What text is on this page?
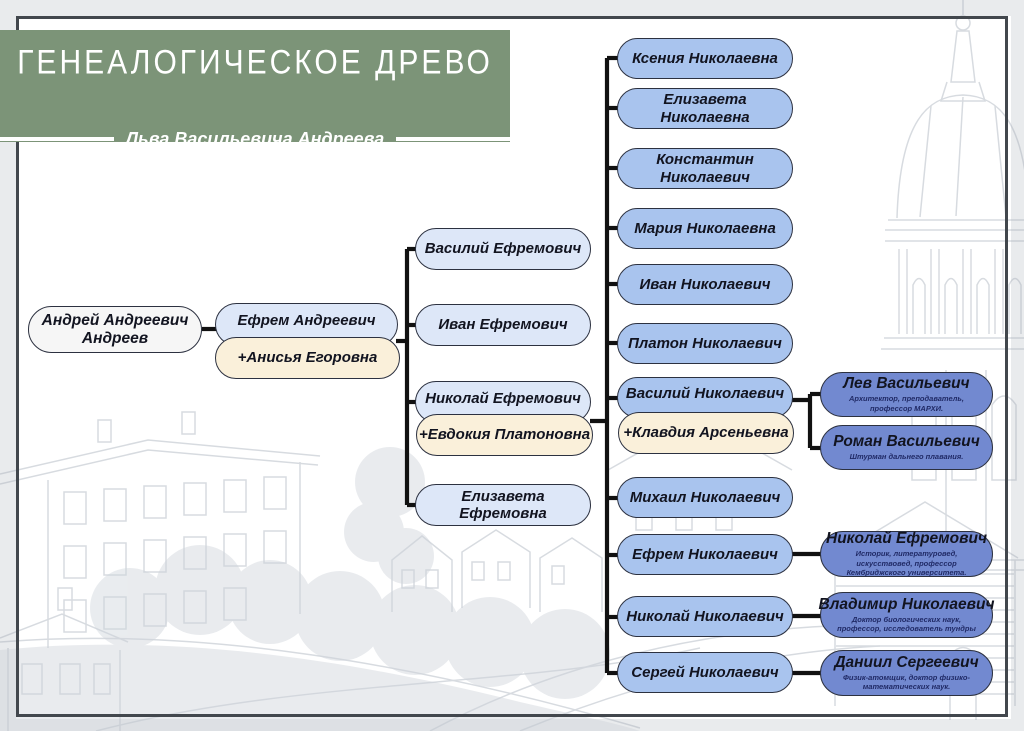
ГЕНЕАЛОГИЧЕСКОЕ ДРЕВО
Льва Васильевича Андреева
Андрей Андреевич Андреев
Ефрем Андреевич
+Анисья Егоровна
Василий Ефремович
Иван Ефремович
Николай Ефремович
+Евдокия Платоновна
Елизавета Ефремовна
Ксения Николаевна
Елизавета Николаевна
Константин Николаевич
Мария Николаевна
Иван Николаевич
Платон Николаевич
Василий Николаевич
+Клавдия Арсеньевна
Михаил Николаевич
Ефрем Николаевич
Николай Николаевич
Сергей Николаевич
Лев Васильевич
Архитектор, преподаватель, профессор МАРХИ.
Роман Васильевич
Штурман дальнего плавания.
Николай Ефремович
Историк, литературовед, искусствовед, профессор Кембриджского университета.
Владимир Николаевич
Доктор биологических наук, профессор, исследователь тундры
Даниил Сергеевич
Физик-атомщик, доктор физико-математических наук.
